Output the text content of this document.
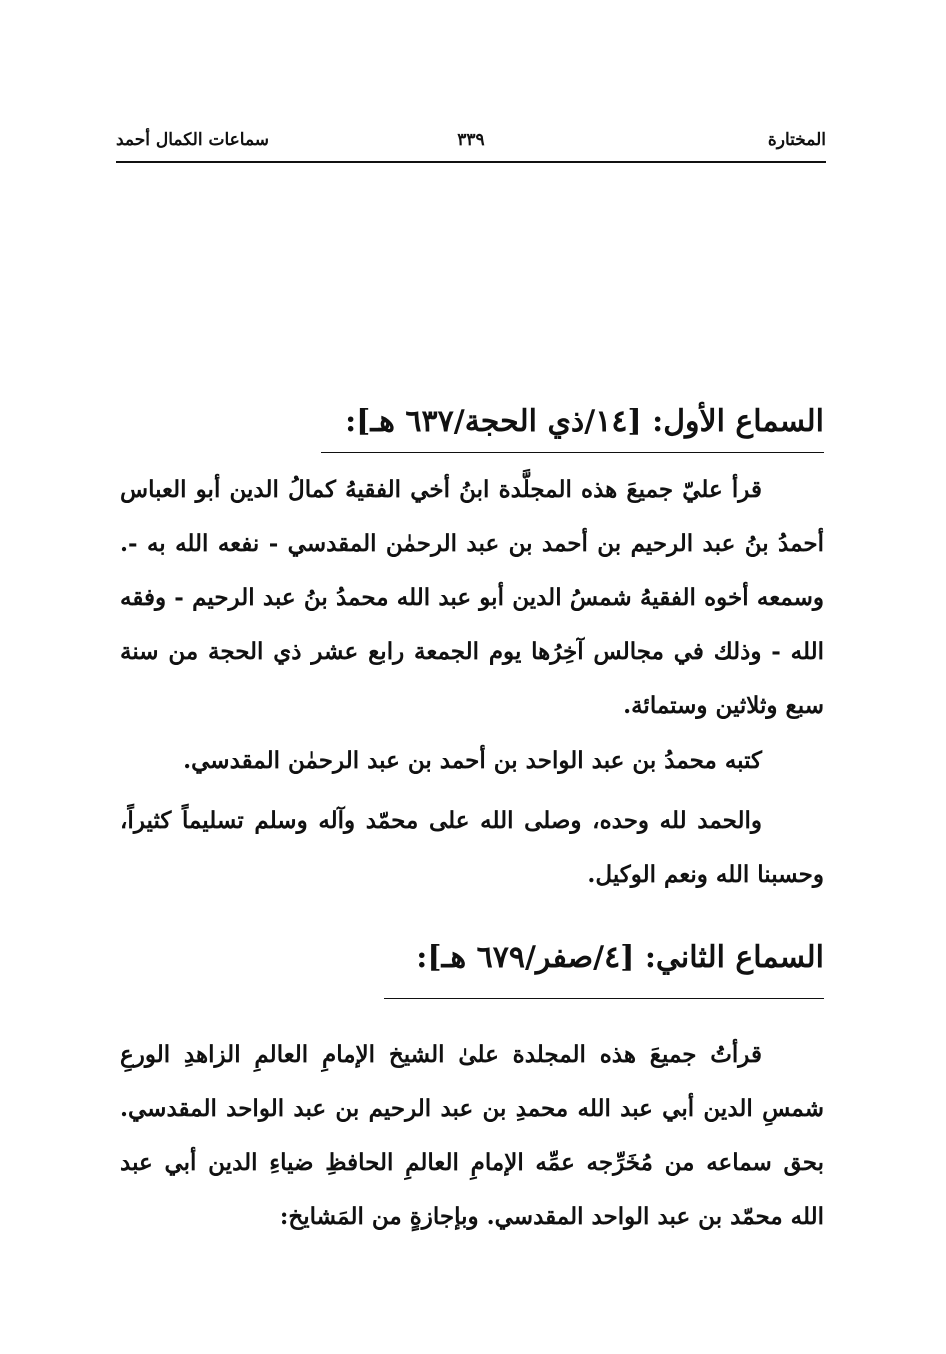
المختارة
٣٣٩
سماعات الكمال أحمد
السماع الأول: [١٤/ذي الحجة/٦٣٧ هـ]:
قرأ عليّ جميعَ هذه المجلَّدة ابنُ أخي الفقيهُ كمالُ الدين أبو العباس أحمدُ بنُ عبد الرحيم بن أحمد بن عبد الرحمٰن المقدسي - نفعه الله به -. وسمعه أخوه الفقيهُ شمسُ الدين أبو عبد الله محمدُ بنُ عبد الرحيم - وفقه الله - وذلك في مجالس آخِرُها يوم الجمعة رابع عشر ذي الحجة من سنة سبع وثلاثين وستمائة.
كتبه محمدُ بن عبد الواحد بن أحمد بن عبد الرحمٰن المقدسي.
والحمد لله وحده، وصلى الله على محمّد وآله وسلم تسليماً كثيراً، وحسبنا الله ونعم الوكيل.
السماع الثاني: [٤/صفر/٦٧٩ هـ]:
قرأتُ جميعَ هذه المجلدة علىٰ الشيخ الإمامِ العالمِ الزاهدِ الورعِ شمسِ الدين أبي عبد الله محمدِ بن عبد الرحيم بن عبد الواحد المقدسي. بحق سماعه من مُخَرِّجه عمِّه الإمامِ العالمِ الحافظِ ضياءِ الدين أبي عبد الله محمّد بن عبد الواحد المقدسي. وبإجازةٍ من المَشايخ:
